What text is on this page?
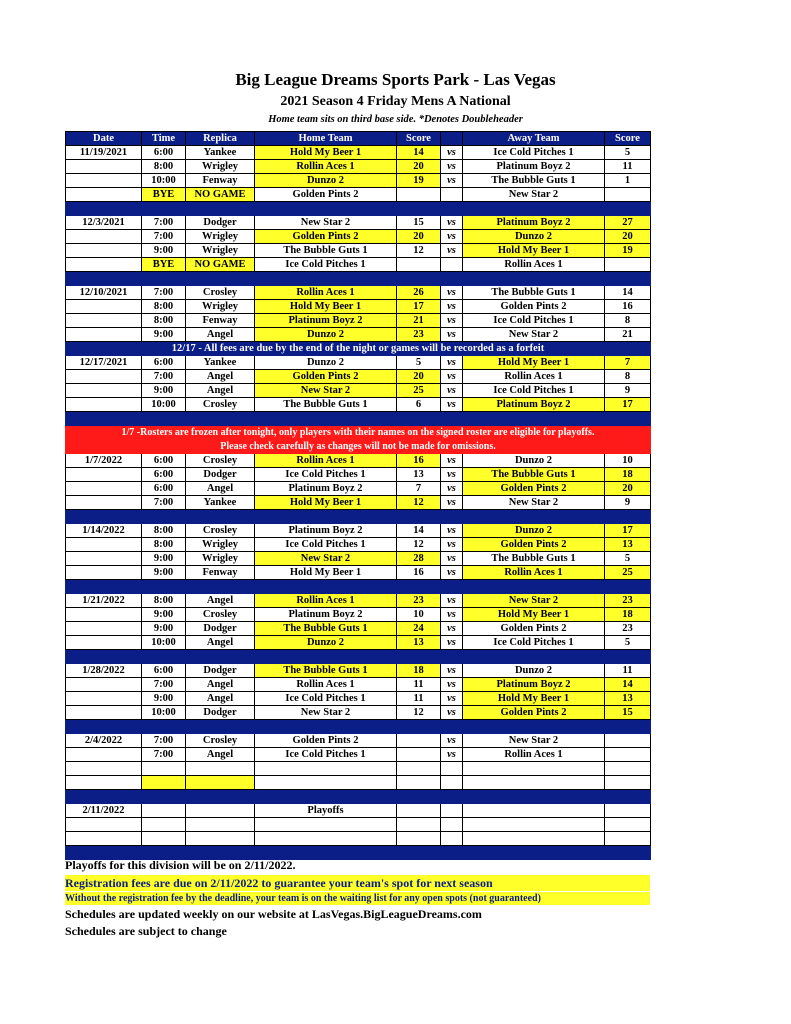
Big League Dreams Sports Park - Las Vegas
2021 Season 4 Friday Mens A National
Home team sits on third base side. *Denotes Doubleheader
Date	Time	Replica	Home Team	Score		Away Team	Score
11/19/2021	6:00	Yankee	Hold My Beer 1	14	vs	Ice Cold Pitches 1	5
	8:00	Wrigley	Rollin Aces 1	20	vs	Platinum Boyz 2	11
	10:00	Fenway	Dunzo 2	19	vs	The Bubble Guts 1	1
	BYE	NO GAME	Golden Pints 2			New Star 2	

12/3/2021	7:00	Dodger	New Star 2	15	vs	Platinum Boyz 2	27
	7:00	Wrigley	Golden Pints 2	20	vs	Dunzo 2	20
	9:00	Wrigley	The Bubble Guts 1	12	vs	Hold My Beer 1	19
	BYE	NO GAME	Ice Cold Pitches 1			Rollin Aces 1	

12/10/2021	7:00	Crosley	Rollin Aces 1	26	vs	The Bubble Guts 1	14
	8:00	Wrigley	Hold My Beer 1	17	vs	Golden Pints 2	16
	8:00	Fenway	Platinum Boyz 2	21	vs	Ice Cold Pitches 1	8
	9:00	Angel	Dunzo 2	23	vs	New Star 2	21
12/17 - All fees are due by the end of the night or games will be recorded as a forfeit							
12/17/2021	6:00	Yankee	Dunzo 2	5	vs	Hold My Beer 1	7
	7:00	Angel	Golden Pints 2	20	vs	Rollin Aces 1	8
	9:00	Angel	New Star 2	25	vs	Ice Cold Pitches 1	9
	10:00	Crosley	The Bubble Guts 1	6	vs	Platinum Boyz 2	17

1/7 -Rosters are frozen after tonight, only players with their names on the signed roster are eligible for playoffs.							
Please check carefully as changes will not be made for omissions.							
1/7/2022	6:00	Crosley	Rollin Aces 1	16	vs	Dunzo 2	10
	6:00	Dodger	Ice Cold Pitches 1	13	vs	The Bubble Guts 1	18
	6:00	Angel	Platinum Boyz 2	7	vs	Golden Pints 2	20
	7:00	Yankee	Hold My Beer 1	12	vs	New Star 2	9

1/14/2022	8:00	Crosley	Platinum Boyz 2	14	vs	Dunzo 2	17
	8:00	Wrigley	Ice Cold Pitches 1	12	vs	Golden Pints 2	13
	9:00	Wrigley	New Star 2	28	vs	The Bubble Guts 1	5
	9:00	Fenway	Hold My Beer 1	16	vs	Rollin Aces 1	25

1/21/2022	8:00	Angel	Rollin Aces 1	23	vs	New Star 2	23
	9:00	Crosley	Platinum Boyz 2	10	vs	Hold My Beer 1	18
	9:00	Dodger	The Bubble Guts 1	24	vs	Golden Pints 2	23
	10:00	Angel	Dunzo 2	13	vs	Ice Cold Pitches 1	5

1/28/2022	6:00	Dodger	The Bubble Guts 1	18	vs	Dunzo 2	11
	7:00	Angel	Rollin Aces 1	11	vs	Platinum Boyz 2	14
	9:00	Angel	Ice Cold Pitches 1	11	vs	Hold My Beer 1	13
	10:00	Dodger	New Star 2	12	vs	Golden Pints 2	15

2/4/2022	7:00	Crosley	Golden Pints 2		vs	New Star 2	
	7:00	Angel	Ice Cold Pitches 1		vs	Rollin Aces 1	

2/11/2022			Playoffs				

Playoffs for this division will be on 2/11/2022.
Registration fees are due on 2/11/2022 to guarantee your team's spot for next season
Without the registration fee by the deadline, your team is on the waiting list for any open spots (not guaranteed)
Schedules are updated weekly on our website at LasVegas.BigLeagueDreams.com
Schedules are subject to change
